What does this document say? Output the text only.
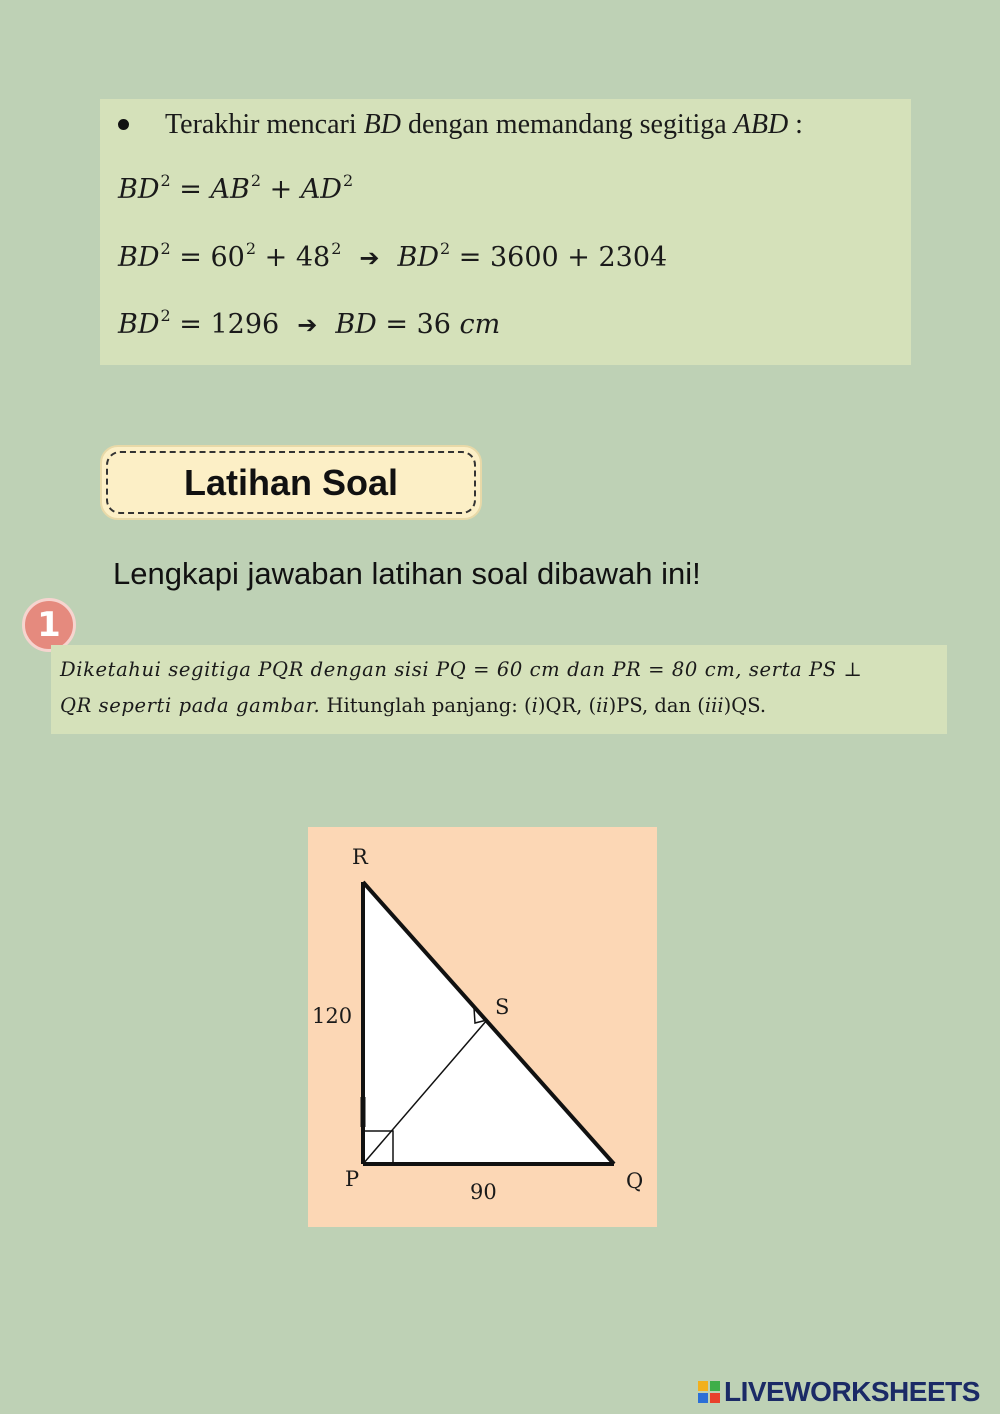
Terakhir mencari BD dengan memandang segitiga ABD :
$BD^2 = AB^2 + AD^2$
$BD^2 = 60^2 + 48^2$ ➔ $BD^2 = 3600 + 2304$
$BD^2 = 1296$ ➔ BD = 36 cm
Latihan Soal
Lengkapi jawaban latihan soal dibawah ini!
1
Diketahui segitiga PQR dengan sisi PQ = 60 cm dan PR = 80 cm, serta PS ⊥
QR seperti pada gambar. Hitunglah panjang: (i)QR, (ii)PS, dan (iii)QS.
R
S
P	Q
120
90
LIVEWORKSHEETS
